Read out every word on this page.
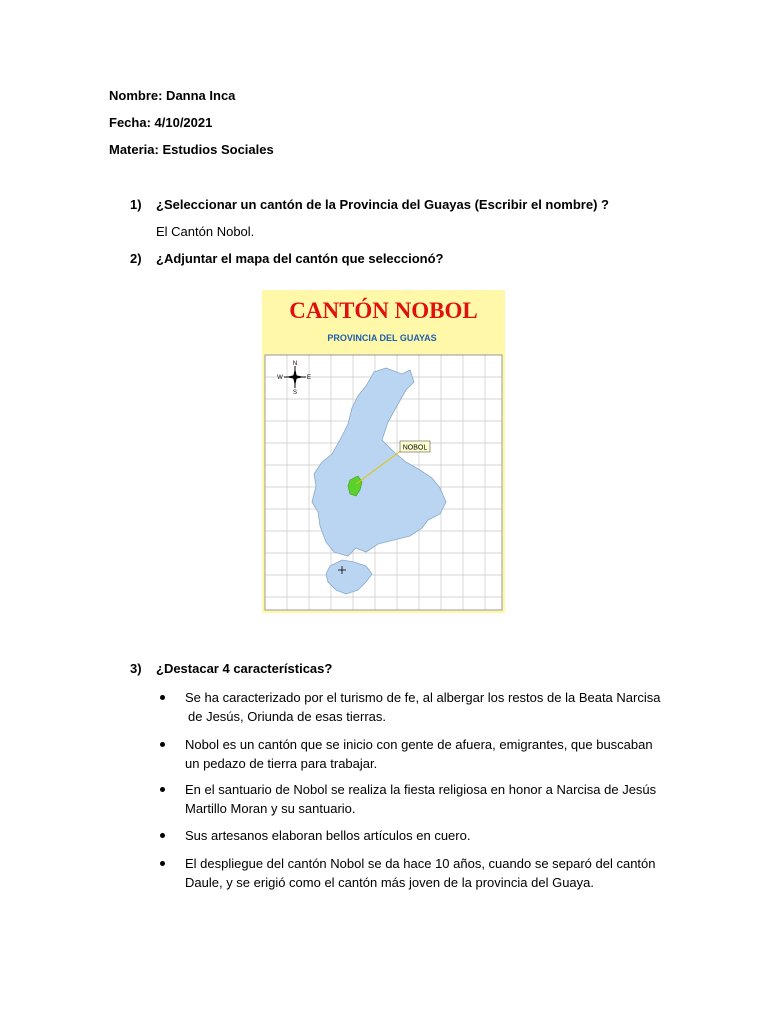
Nombre: Danna Inca
Fecha: 4/10/2021
Materia: Estudios Sociales
1) ¿Seleccionar un cantón de la Provincia del Guayas (Escribir el nombre) ?
El Cantón Nobol.
2) ¿Adjuntar el mapa del cantón que seleccionó?
NOBOL
N
S
E
W
CANTÓN NOBOL
PROVINCIA DEL GUAYAS
3) ¿Destacar 4 características?
Se ha caracterizado por el turismo de fe, al albergar los restos de la Beata Narcisa
de Jesús, Oriunda de esas tierras.
Nobol es un cantón que se inicio con gente de afuera, emigrantes, que buscaban
un pedazo de tierra para trabajar.
En el santuario de Nobol se realiza la fiesta religiosa en honor a Narcisa de Jesús
Martillo Moran y su santuario.
Sus artesanos elaboran bellos artículos en cuero.
El despliegue del cantón Nobol se da hace 10 años, cuando se separó del cantón
Daule, y se erigió como el cantón más joven de la provincia del Guaya.
